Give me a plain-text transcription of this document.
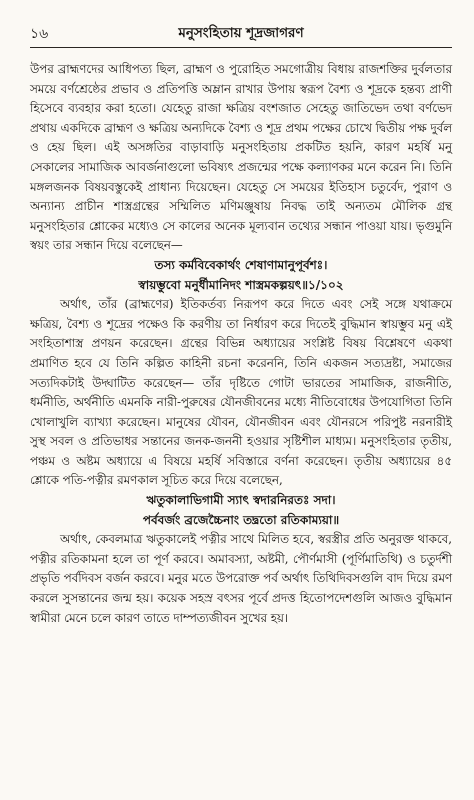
১৬	মনুসংহিতায় শূদ্রজাগরণ

উপর ব্রাহ্মণদের আধিপত্য ছিল, ব্রাহ্মণ ও পুরোহিত সমগোত্রীয় বিধায় রাজশক্তির দুর্বলতার সময়ে বর্ণশ্রেষ্ঠের প্রভাব ও প্রতিপত্তি অম্লান রাখার উপায় স্বরূপ বৈশ্য ও শূদ্রকে হন্তব্য প্রাণী হিসেবে ব্যবহার করা হতো। যেহেতু রাজা ক্ষত্রিয় বংশজাত সেহেতু জাতিভেদ তথা বর্ণভেদ প্রথায় একদিকে ব্রাহ্মণ ও ক্ষত্রিয় অন্যদিকে বৈশ্য ও শূদ্র প্রথম পক্ষের চোখে দ্বিতীয় পক্ষ দুর্বল ও হেয় ছিল। এই অসঙ্গতির বাড়াবাড়ি মনুসংহিতায় প্রকটিত হয়নি, কারণ মহর্ষি মনু সেকালের সামাজিক আবর্জনাগুলো ভবিষ্যৎ প্রজন্মের পক্ষে কল্যাণকর মনে করেন নি। তিনি মঙ্গলজনক বিষয়বস্তুকেই প্রাধান্য দিয়েছেন। যেহেতু সে সময়ের ইতিহাস চতুর্বেদ, পুরাণ ও অন্যান্য প্রাচীন শাস্ত্রগ্রন্থের সম্মিলিত মণিমঞ্জুষায় নিবদ্ধ তাই অন্যতম মৌলিক গ্রন্থ মনুসংহিতার শ্লোকের মধ্যেও সে কালের অনেক মূল্যবান তথ্যের সন্ধান পাওয়া যায়। ভৃগুমুনি স্বয়ং তার সন্ধান দিয়ে বলেছেন—

তস্য কর্মবিবেকার্থং শেষাণামানুপূর্বশঃ।

স্বায়ম্ভুবো মনুর্ধীমানিদং শাস্ত্রমকল্পয়ৎ॥১/১০২

অর্থাৎ, তাঁর (ব্রাহ্মণের) ইতিকর্তব্য নিরূপণ করে দিতে এবং সেই সঙ্গে যথাক্রমে ক্ষত্রিয়, বৈশ্য ও শূদ্রের পক্ষেও কি করণীয় তা নির্ধারণ করে দিতেই বুদ্ধিমান স্বায়ম্ভুব মনু এই সংহিতাশাস্ত্র প্রণয়ন করেছেন। গ্রন্থের বিভিন্ন অধ্যায়ের সংশ্লিষ্ট বিষয় বিশ্লেষণে একথা প্রমাণিত হবে যে তিনি কল্পিত কাহিনী রচনা করেননি, তিনি একজন সত্যদ্রষ্টা, সমাজের সত্যদিকটাই উদ্ঘাটিত করেছেন— তাঁর দৃষ্টিতে গোটা ভারতের সামাজিক, রাজনীতি, ধর্মনীতি, অর্থনীতি এমনকি নারী-পুরুষের যৌনজীবনের মধ্যে নীতিবোধের উপযোগিতা তিনি খোলাখুলি ব্যাখ্যা করেছেন। মানুষের যৌবন, যৌনজীবন এবং যৌনরসে পরিপুষ্ট নরনারীই সুস্থ সবল ও প্রতিভাধর সন্তানের জনক-জননী হওয়ার সৃষ্টিশীল মাধ্যম। মনুসংহিতার তৃতীয়, পঞ্চম ও অষ্টম অধ্যায়ে এ বিষয়ে মহর্ষি সবিস্তারে বর্ণনা করেছেন। তৃতীয় অধ্যায়ের ৪৫ শ্লোকে পতি-পত্নীর রমণকাল সূচিত করে দিয়ে বলেছেন,

ঋতুকালাভিগামী স্যাৎ স্বদারনিরতঃ সদা।

পর্ববর্জং ব্রজেচ্চৈনাং তদ্ব্রতো রতিকাম্যয়া॥

অর্থাৎ, কেবলমাত্র ঋতুকালেই পত্নীর সাথে মিলিত হবে, স্বরস্ত্রীর প্রতি অনুরক্ত থাকবে, পত্নীর রতিকামনা হলে তা পূর্ণ করবে। অমাবস্যা, অষ্টমী, পৌর্ণমাসী (পূর্ণিমাতিথি) ও চতুর্দশী প্রভৃতি পর্বদিবস বর্জন করবে। মনুর মতে উপরোক্ত পর্ব অর্থাৎ তিথিদিবসগুলি বাদ দিয়ে রমণ করলে সুসন্তানের জন্ম হয়। কয়েক সহস্র বৎসর পূর্বে প্রদত্ত হিতোপদেশগুলি আজও বুদ্ধিমান স্বামীরা মেনে চলে কারণ তাতে দাম্পত্যজীবন সুখের হয়।
